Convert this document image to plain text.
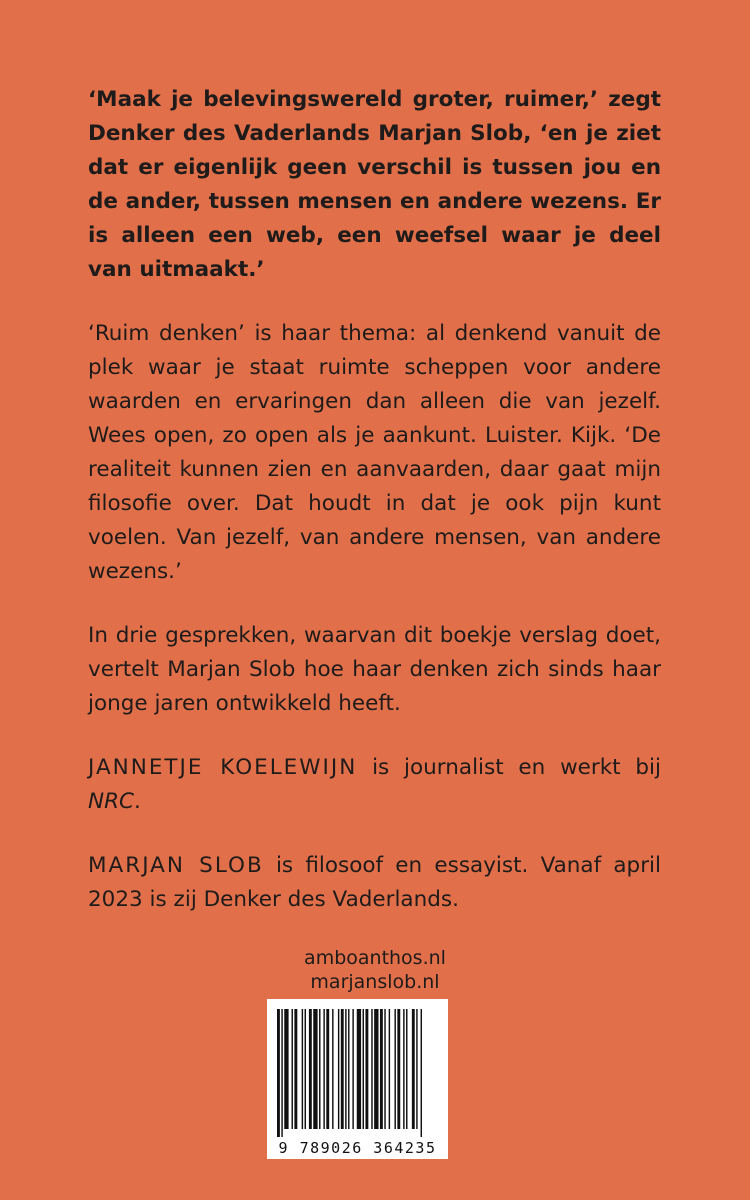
‘Maak je belevingswereld groter, ruimer,’ zegt Denker des Vaderlands Marjan Slob, ‘en je ziet dat er eigenlijk geen verschil is tussen jou en de ander, tussen mensen en andere wezens. Er is alleen een web, een weefsel waar je deel van uitmaakt.’

‘Ruim denken’ is haar thema: al denkend vanuit de plek waar je staat ruimte scheppen voor andere waarden en ervaringen dan alleen die van jezelf. Wees open, zo open als je aankunt. Luister. Kijk. ‘De realiteit kunnen zien en aanvaarden, daar gaat mijn filosofie over. Dat houdt in dat je ook pijn kunt voelen. Van jezelf, van andere mensen, van andere wezens.’

In drie gesprekken, waarvan dit boekje verslag doet, vertelt Marjan Slob hoe haar denken zich sinds haar jonge jaren ontwikkeld heeft.

JANNETJE KOELEWIJN is journalist en werkt bij NRC.

MARJAN SLOB is filosoof en essayist. Vanaf april 2023 is zij Denker des Vaderlands.

amboanthos.nl
marjanslob.nl
9 789026 364235
